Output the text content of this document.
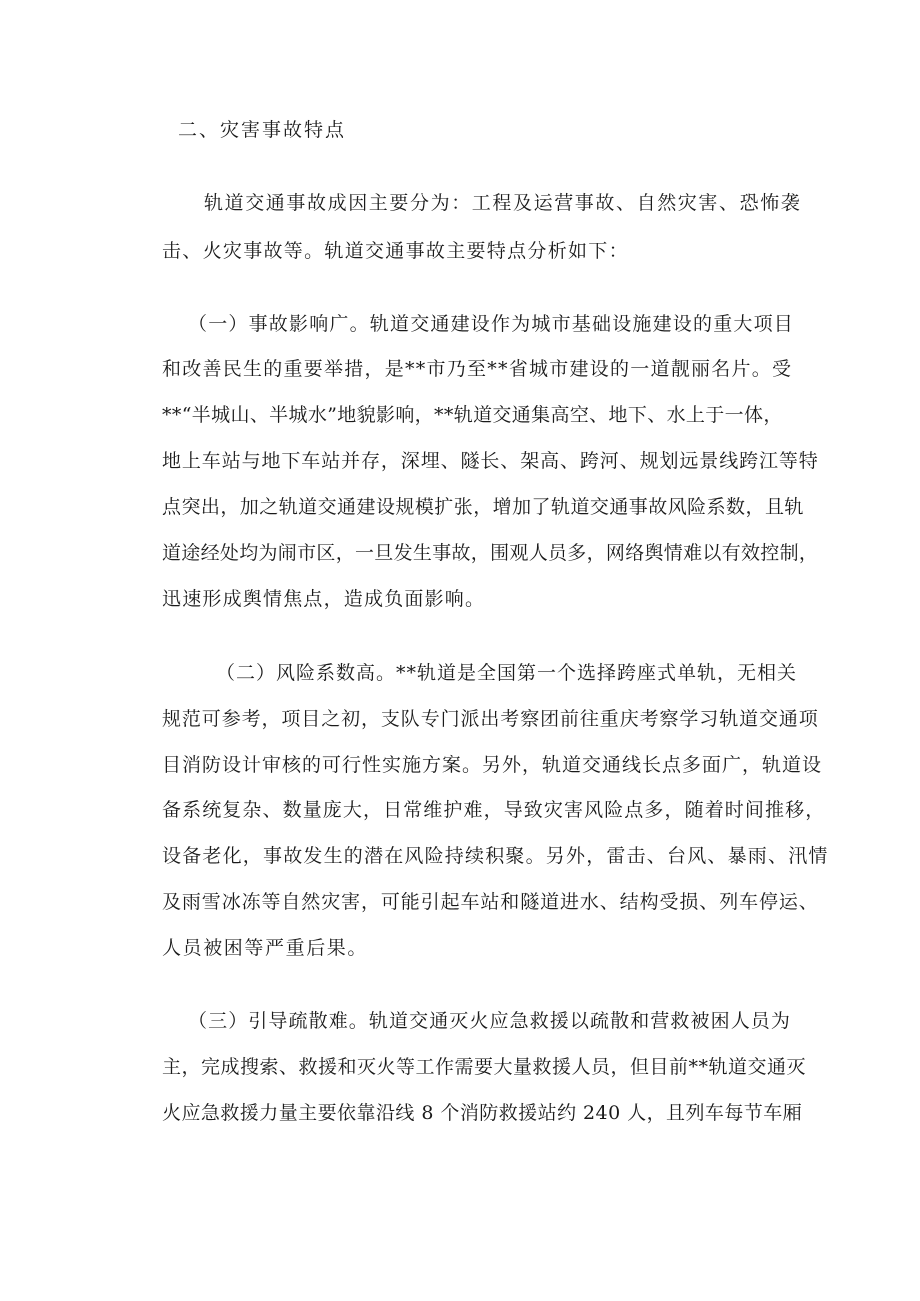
二、灾害事故特点
轨道交通事故成因主要分为：工程及运营事故、自然灾害、恐怖袭
击、火灾事故等。轨道交通事故主要特点分析如下：
（一）事故影响广。轨道交通建设作为城市基础设施建设的重大项目
和改善民生的重要举措，是**市乃至**省城市建设的一道靓丽名片。受
**“半城山、半城水”地貌影响，**轨道交通集高空、地下、水上于一体，
地上车站与地下车站并存，深埋、隧长、架高、跨河、规划远景线跨江等特
点突出，加之轨道交通建设规模扩张，增加了轨道交通事故风险系数，且轨
道途经处均为闹市区，一旦发生事故，围观人员多，网络舆情难以有效控制，
迅速形成舆情焦点，造成负面影响。
（二）风险系数高。**轨道是全国第一个选择跨座式单轨，无相关
规范可参考，项目之初，支队专门派出考察团前往重庆考察学习轨道交通项
目消防设计审核的可行性实施方案。另外，轨道交通线长点多面广，轨道设
备系统复杂、数量庞大，日常维护难，导致灾害风险点多，随着时间推移，
设备老化，事故发生的潜在风险持续积聚。另外，雷击、台风、暴雨、汛情
及雨雪冰冻等自然灾害，可能引起车站和隧道进水、结构受损、列车停运、
人员被困等严重后果。
（三）引导疏散难。轨道交通灭火应急救援以疏散和营救被困人员为
主，完成搜索、救援和灭火等工作需要大量救援人员，但目前**轨道交通灭
火应急救援力量主要依靠沿线 8 个消防救援站约 240 人，且列车每节车厢
